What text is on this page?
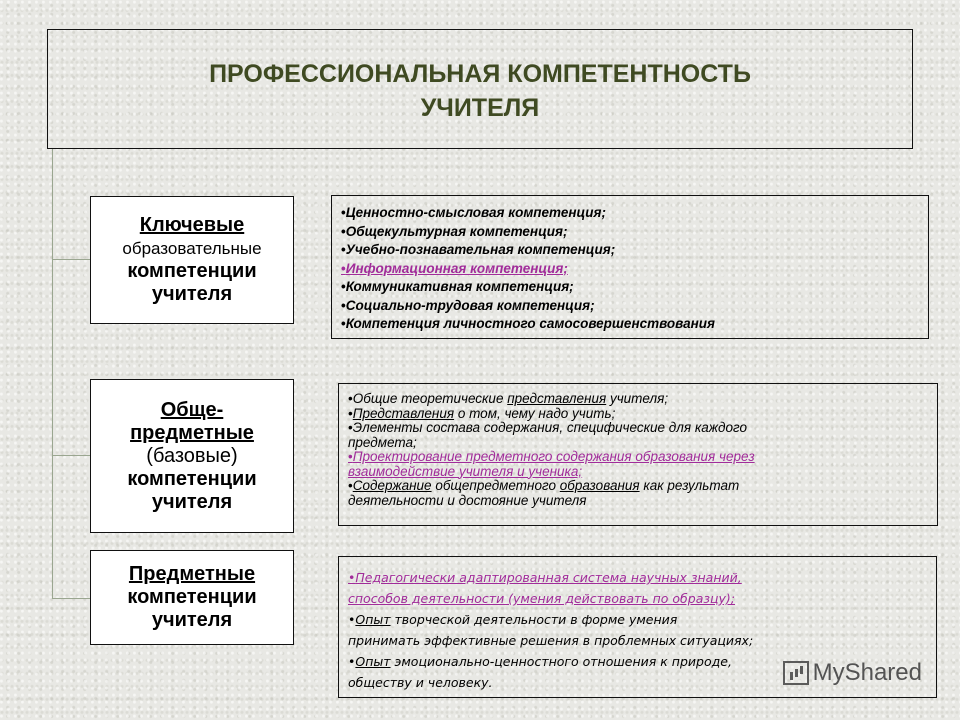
ПРОФЕССИОНАЛЬНАЯ КОМПЕТЕНТНОСТЬ
УЧИТЕЛЯ
Ключевые
образовательные
компетенции
учителя
•Ценностно-смысловая компетенция;
•Общекультурная компетенция;
•Учебно-познавательная компетенция;
•Информационная компетенция;
•Коммуникативная компетенция;
•Социально-трудовая компетенция;
•Компетенция личностного самосовершенствования
Обще-
предметные
(базовые)
компетенции
учителя
•Общие теоретические представления учителя;
•Представления о том, чему надо учить;
•Элементы состава содержания, специфические для каждого
предмета;
•Проектирование предметного содержания образования через
взаимодействие учителя и ученика;
•Содержание общепредметного образования как результат
деятельности и достояние учителя
Предметные
компетенции
учителя
•Педагогически адаптированная система научных знаний,
способов деятельности (умения действовать по образцу);
•Опыт творческой деятельности в форме умения
принимать эффективные решения в проблемных ситуациях;
•Опыт эмоционально-ценностного отношения к природе,
обществу и человеку.	MyShared
